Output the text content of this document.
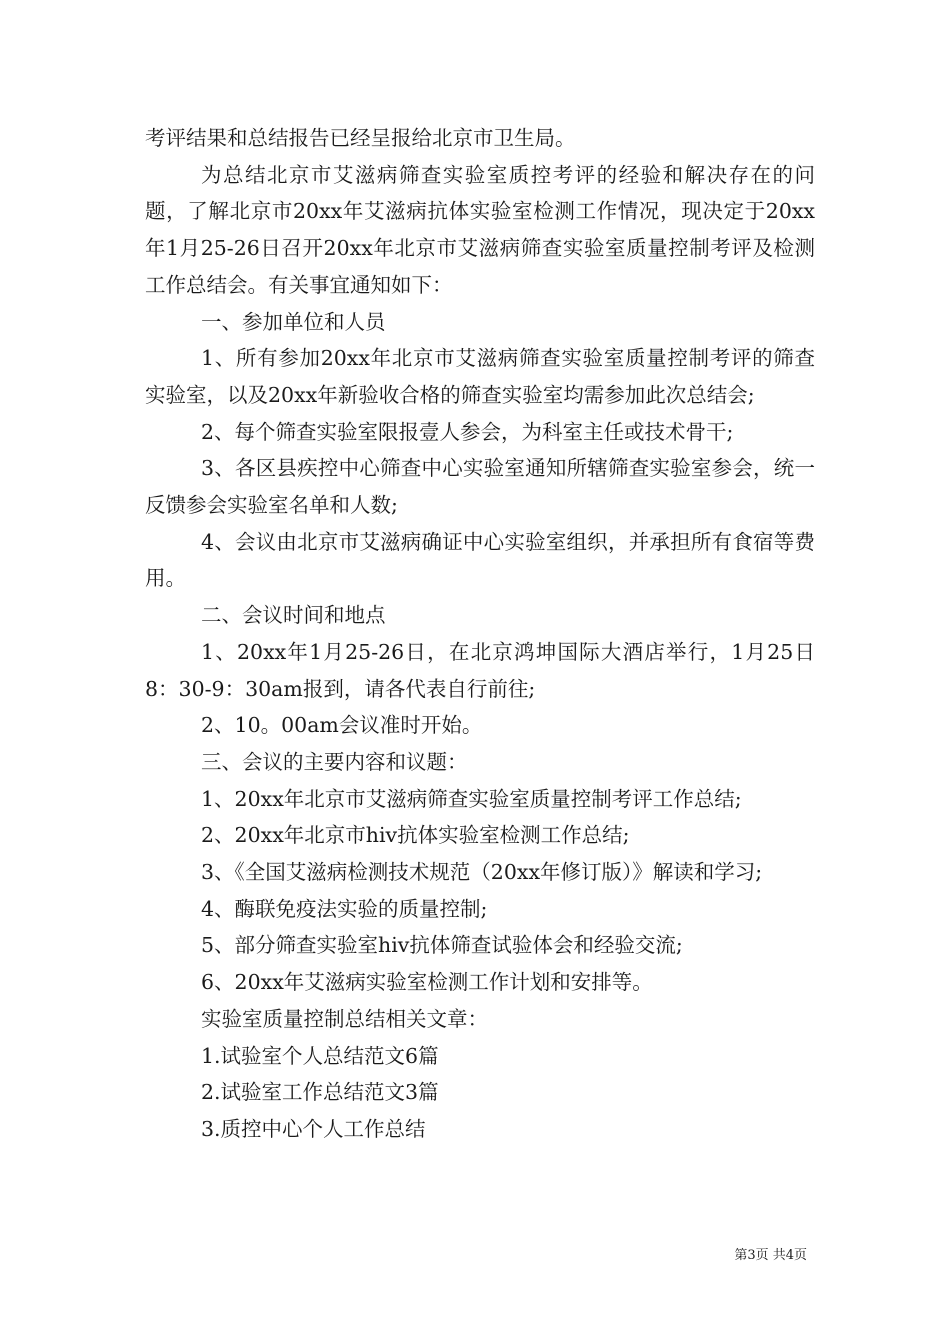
考评结果和总结报告已经呈报给北京市卫生局。

为总结北京市艾滋病筛查实验室质控考评的经验和解决存在的问题，了解北京市20xx年艾滋病抗体实验室检测工作情况，现决定于20xx年1月25-26日召开20xx年北京市艾滋病筛查实验室质量控制考评及检测工作总结会。有关事宜通知如下：

一、参加单位和人员

1、所有参加20xx年北京市艾滋病筛查实验室质量控制考评的筛查实验室，以及20xx年新验收合格的筛查实验室均需参加此次总结会;

2、每个筛查实验室限报壹人参会，为科室主任或技术骨干;

3、各区县疾控中心筛查中心实验室通知所辖筛查实验室参会，统一反馈参会实验室名单和人数;

4、会议由北京市艾滋病确证中心实验室组织，并承担所有食宿等费用。

二、会议时间和地点

1、20xx年1月25-26日，在北京鸿坤国际大酒店举行，1月25日8：30-9：30am报到，请各代表自行前往;

2、10。00am会议准时开始。

三、会议的主要内容和议题：

1、20xx年北京市艾滋病筛查实验室质量控制考评工作总结;

2、20xx年北京市hiv抗体实验室检测工作总结;

3、《全国艾滋病检测技术规范（20xx年修订版）》解读和学习;

4、酶联免疫法实验的质量控制;

5、部分筛查实验室hiv抗体筛查试验体会和经验交流;

6、20xx年艾滋病实验室检测工作计划和安排等。

实验室质量控制总结相关文章：

1.试验室个人总结范文6篇

2.试验室工作总结范文3篇

3.质控中心个人工作总结

第3页 共4页
